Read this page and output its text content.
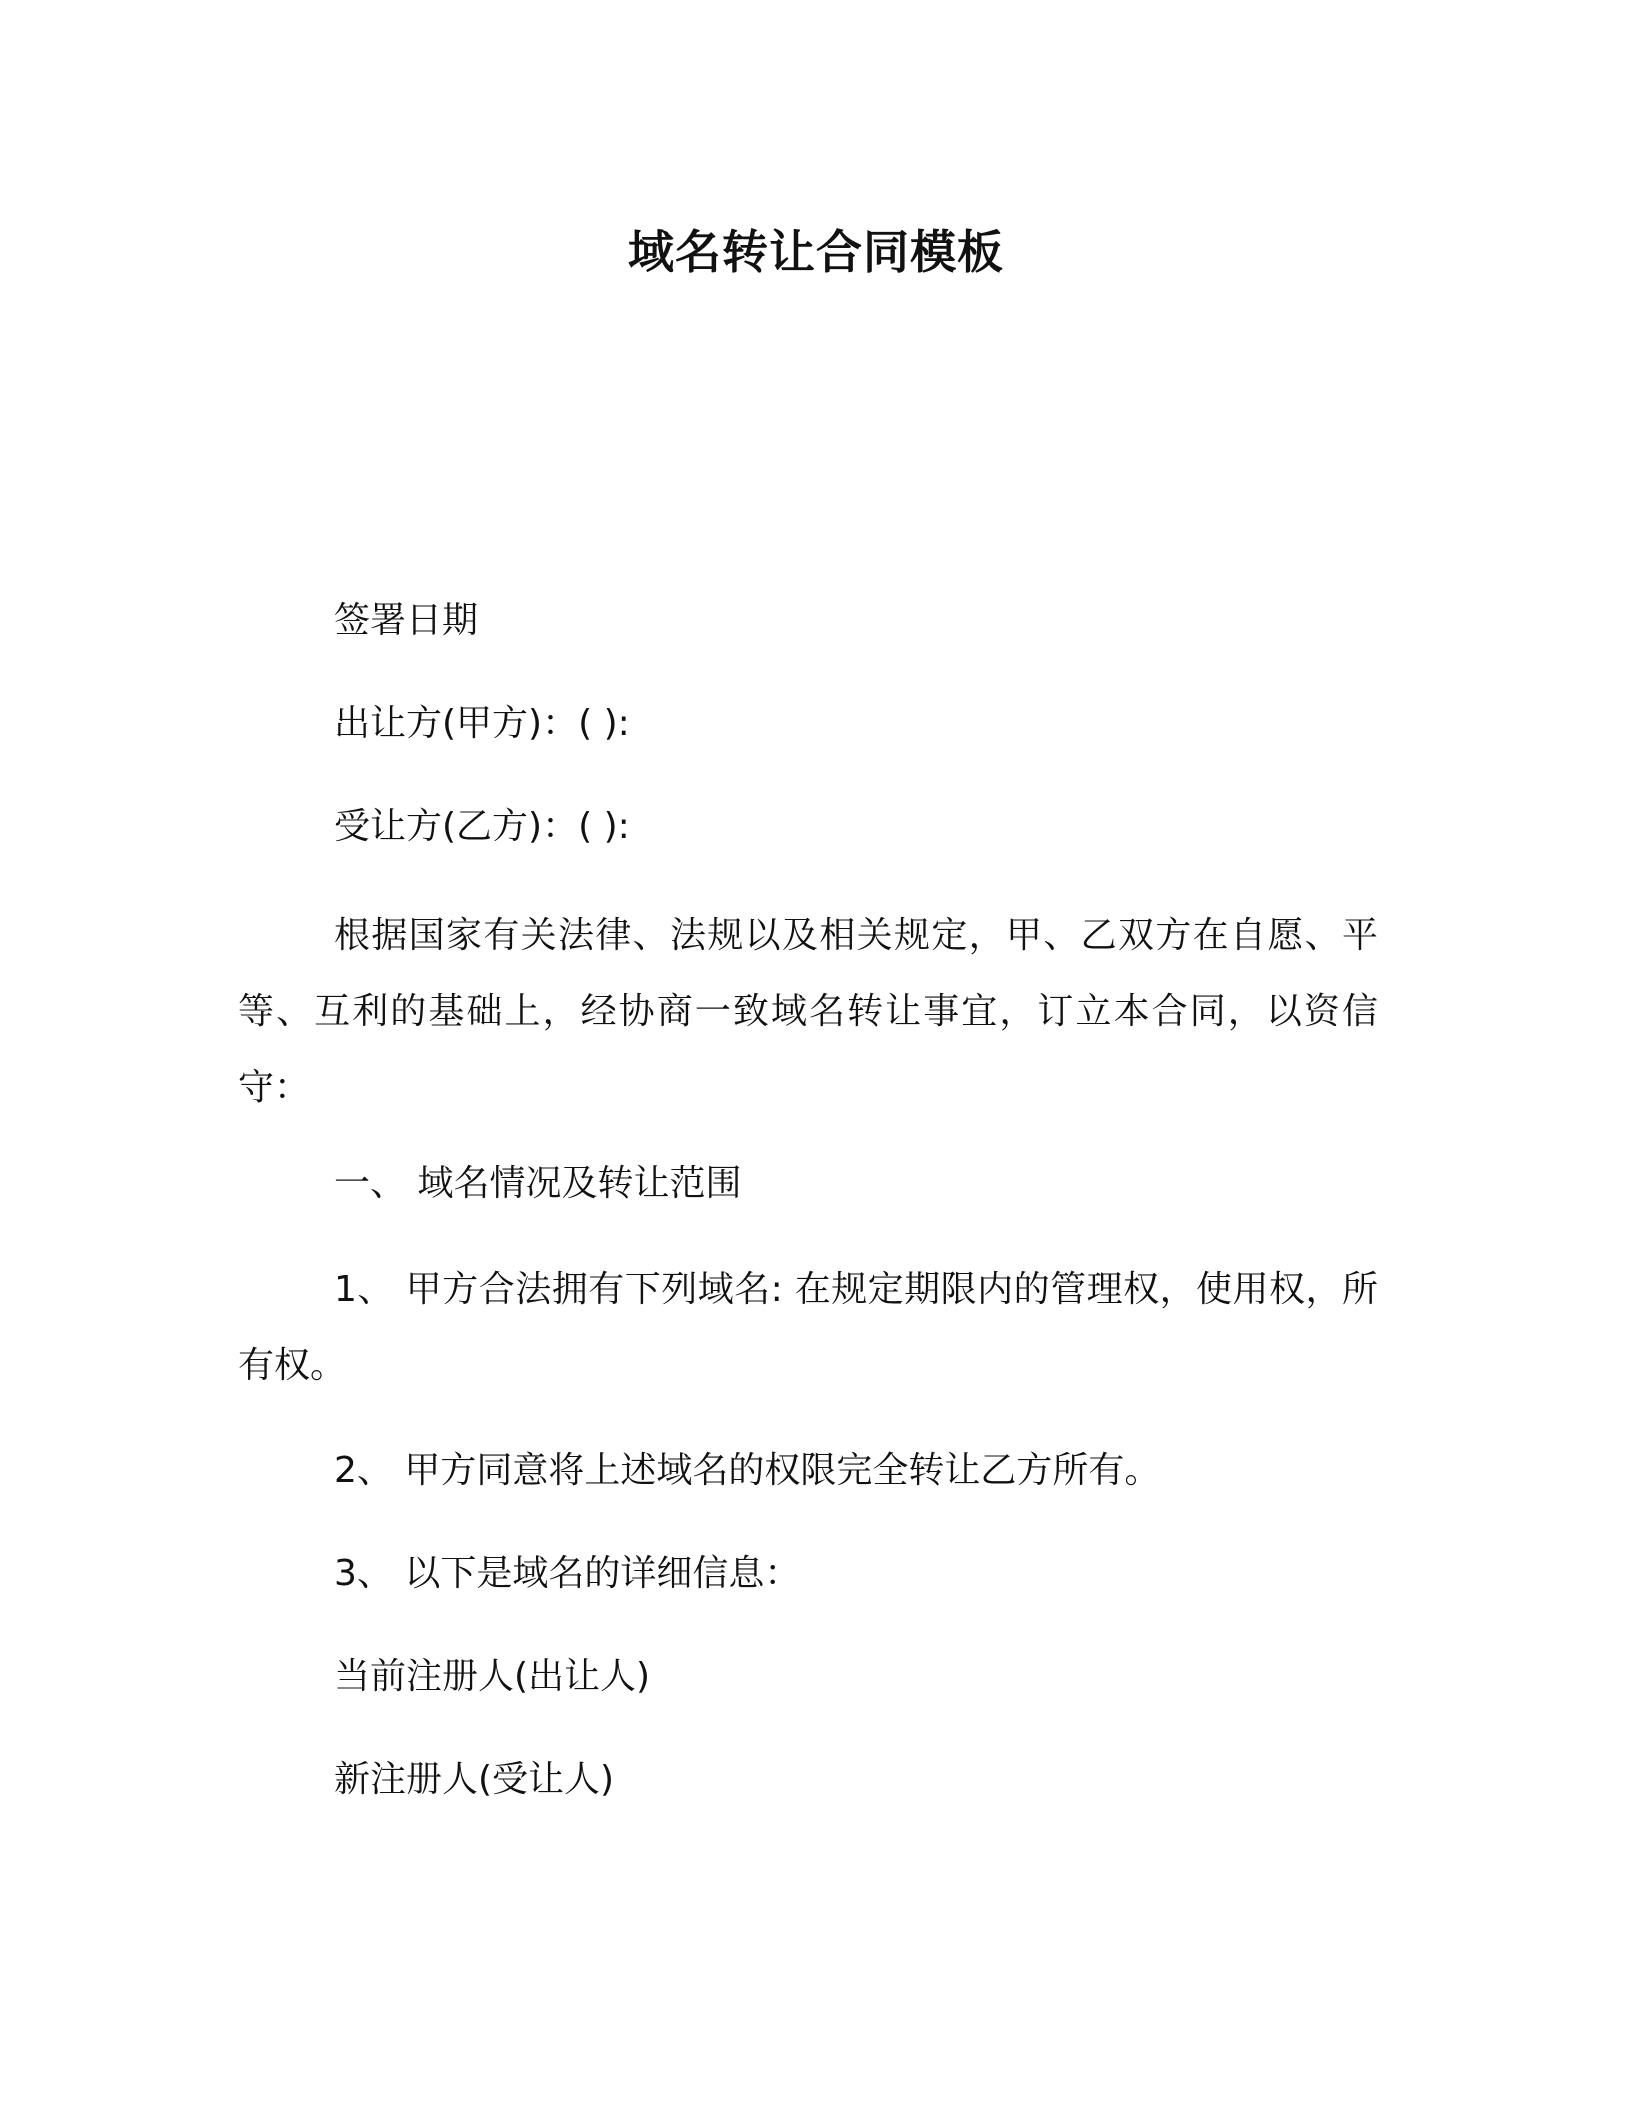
域名转让合同模板
签署日期
出让方(甲方)：( ):
受让方(乙方)：( ):
根据国家有关法律、法规以及相关规定，甲、乙双方在自愿、平等、互利的基础上，经协商一致域名转让事宜，订立本合同，以资信守：
一、 域名情况及转让范围
1、 甲方合法拥有下列域名: 在规定期限内的管理权，使用权，所有权。
2、 甲方同意将上述域名的权限完全转让乙方所有。
3、 以下是域名的详细信息：
当前注册人(出让人)
新注册人(受让人)
